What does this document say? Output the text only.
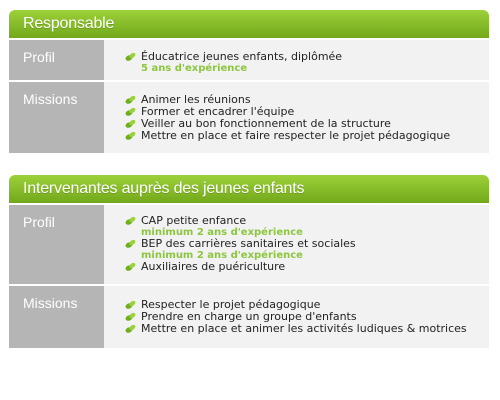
Responsable
Profil	Éducatrice jeunes enfants, diplômée
5 ans d'expérience
Missions	Animer les réunions
Former et encadrer l'équipe
Veiller au bon fonctionnement de la structure
Mettre en place et faire respecter le projet pédagogique
Intervenantes auprès des jeunes enfants
Profil	CAP petite enfance
minimum 2 ans d'expérience
BEP des carrières sanitaires et sociales
minimum 2 ans d'expérience
Auxiliaires de puériculture
Missions	Respecter le projet pédagogique
Prendre en charge un groupe d'enfants
Mettre en place et animer les activités ludiques & motrices
